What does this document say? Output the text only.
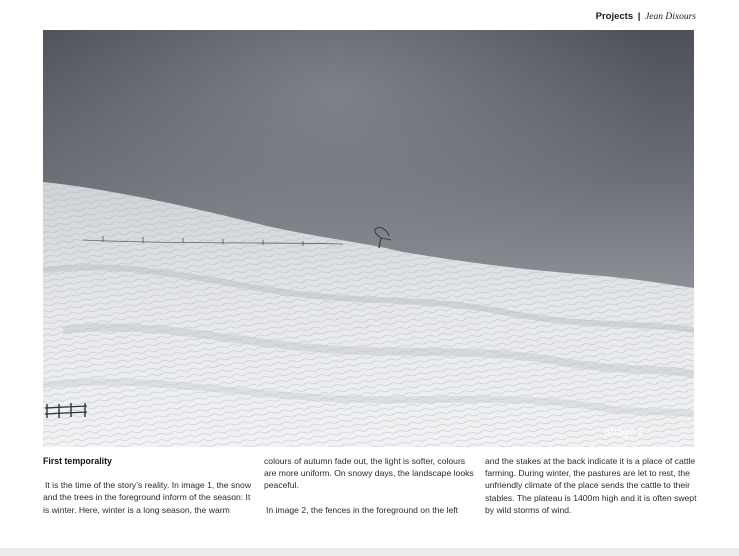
Projects | Jean Dixours
Image 2

First temporality

It is the time of the story’s reality. In image 1, the snow and the trees in the foreground inform of the season: It is winter. Here, winter is a long season, the warm

colours of autumn fade out, the light is softer, colours are more uniform. On snowy days, the landscape looks peaceful.

In image 2, the fences in the foreground on the left

and the stakes at the back indicate it is a place of cattle farming. During winter, the pastures are let to rest, the unfriendly climate of the place sends the cattle to their stables. The plateau is 1400m high and it is often swept by wild storms of wind.
